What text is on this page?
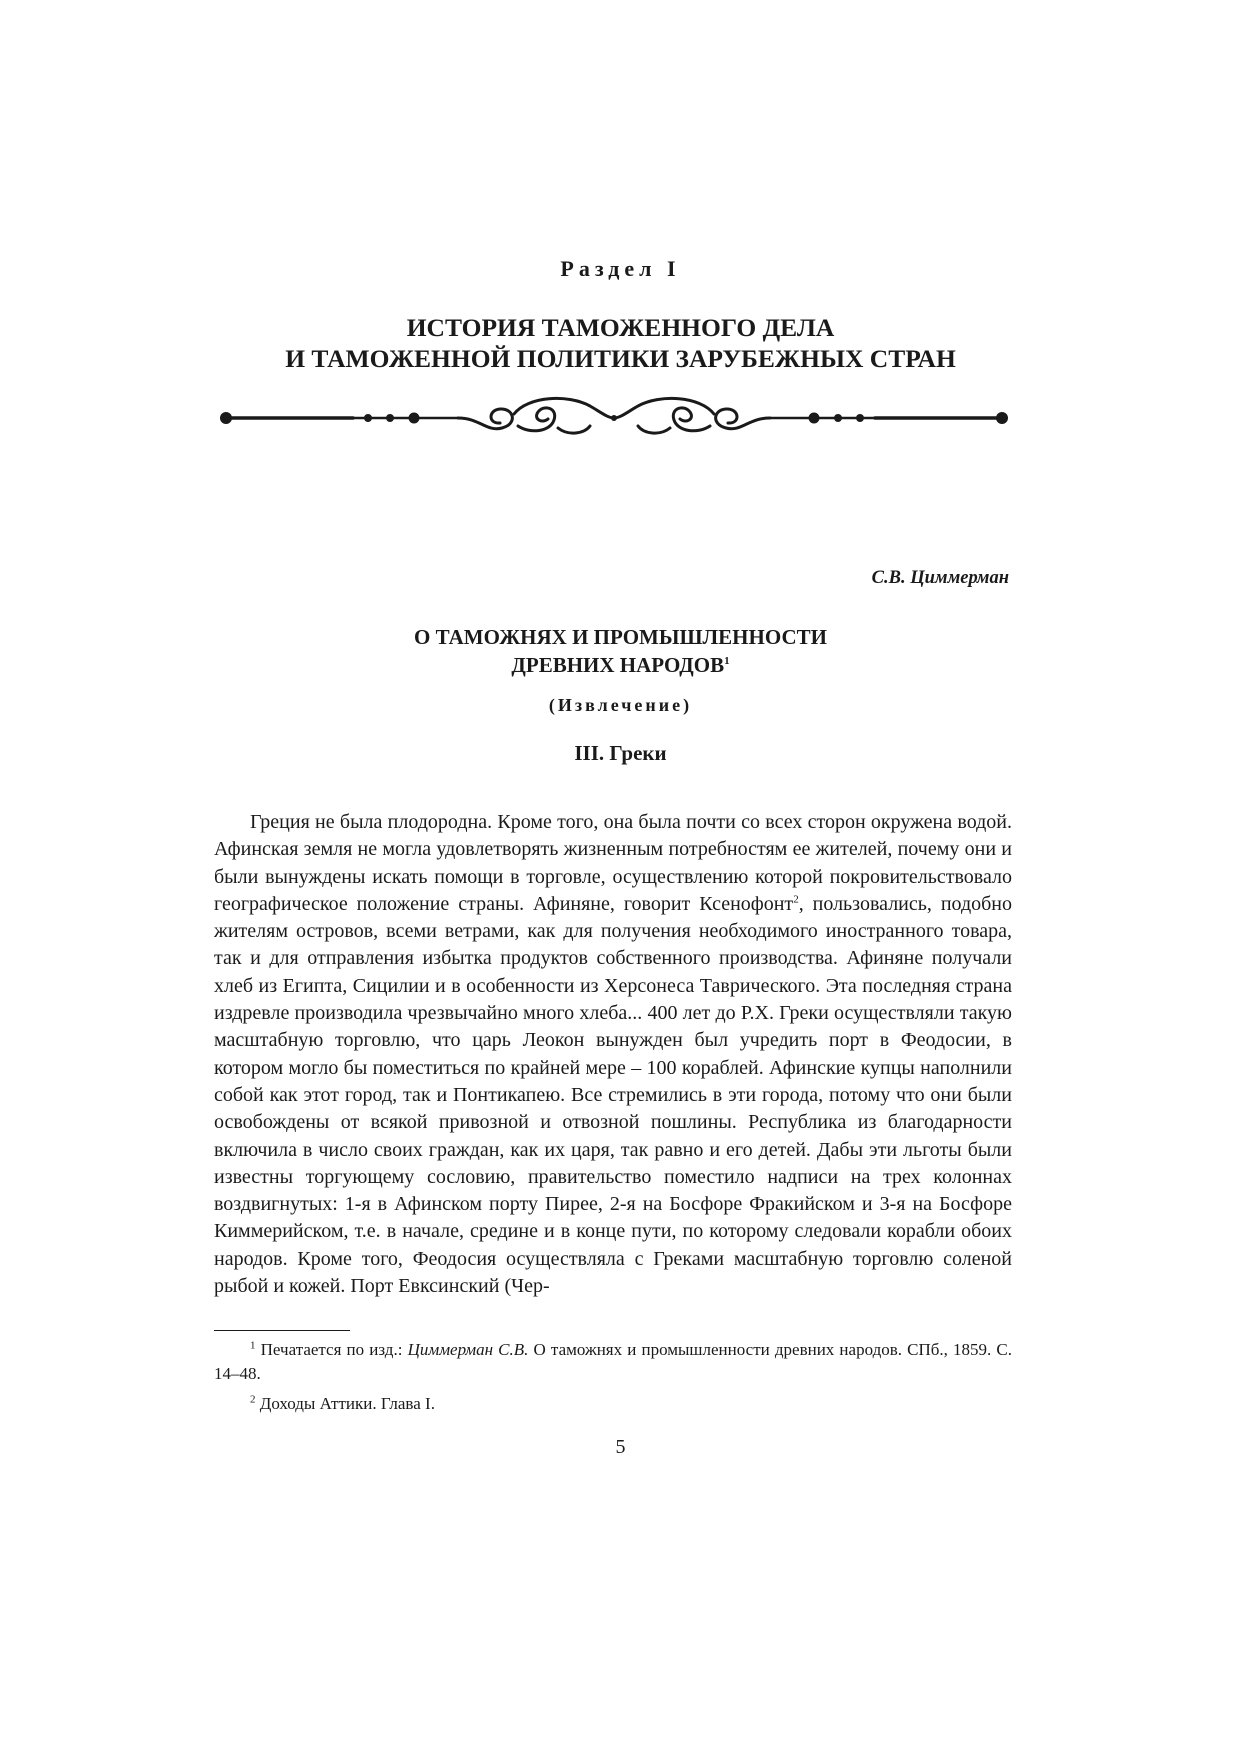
Раздел I
ИСТОРИЯ ТАМОЖЕННОГО ДЕЛА
И ТАМОЖЕННОЙ ПОЛИТИКИ ЗАРУБЕЖНЫХ СТРАН
С.В. Циммерман
О ТАМОЖНЯХ И ПРОМЫШЛЕННОСТИ
ДРЕВНИХ НАРОДОВ$^1$
(Извлечение)
III. Греки

Греция не была плодородна. Кроме того, она была почти со всех сторон окружена водой. Афинская земля не могла удовлетворять жизненным потребностям ее жителей, почему они и были вынуждены искать помощи в торговле, осуществлению которой покровительствовало географическое положение страны. Афиняне, говорит Ксенофонт$^2$, пользовались, подобно жителям островов, всеми ветрами, как для получения необходимого иностранного товара, так и для отправления избытка продуктов собственного производства. Афиняне получали хлеб из Египта, Сицилии и в особенности из Херсонеса Таврического. Эта последняя страна издревле производила чрезвычайно много хлеба... 400 лет до Р.Х. Греки осуществляли такую масштабную торговлю, что царь Леокон вынужден был учредить порт в Феодосии, в котором могло бы поместиться по крайней мере – 100 кораблей. Афинские купцы наполнили собой как этот город, так и Понтикапею. Все стремились в эти города, потому что они были освобождены от всякой привозной и отвозной пошлины. Республика из благодарности включила в число своих граждан, как их царя, так равно и его детей. Дабы эти льготы были известны торгующему сословию, правительство поместило надписи на трех колоннах воздвигнутых: 1-я в Афинском порту Пирее, 2-я на Босфоре Фракийском и 3-я на Босфоре Киммерийском, т.е. в начале, средине и в конце пути, по которому следовали корабли обоих народов. Кроме того, Феодосия осуществляла с Греками масштабную торговлю соленой рыбой и кожей. Порт Евксинский (Чер-

$^1$ Печатается по изд.: Циммерман С.В. О таможнях и промышленности древних народов. СПб., 1859. С. 14–48.

$^2$ Доходы Аттики. Глава I.

5
